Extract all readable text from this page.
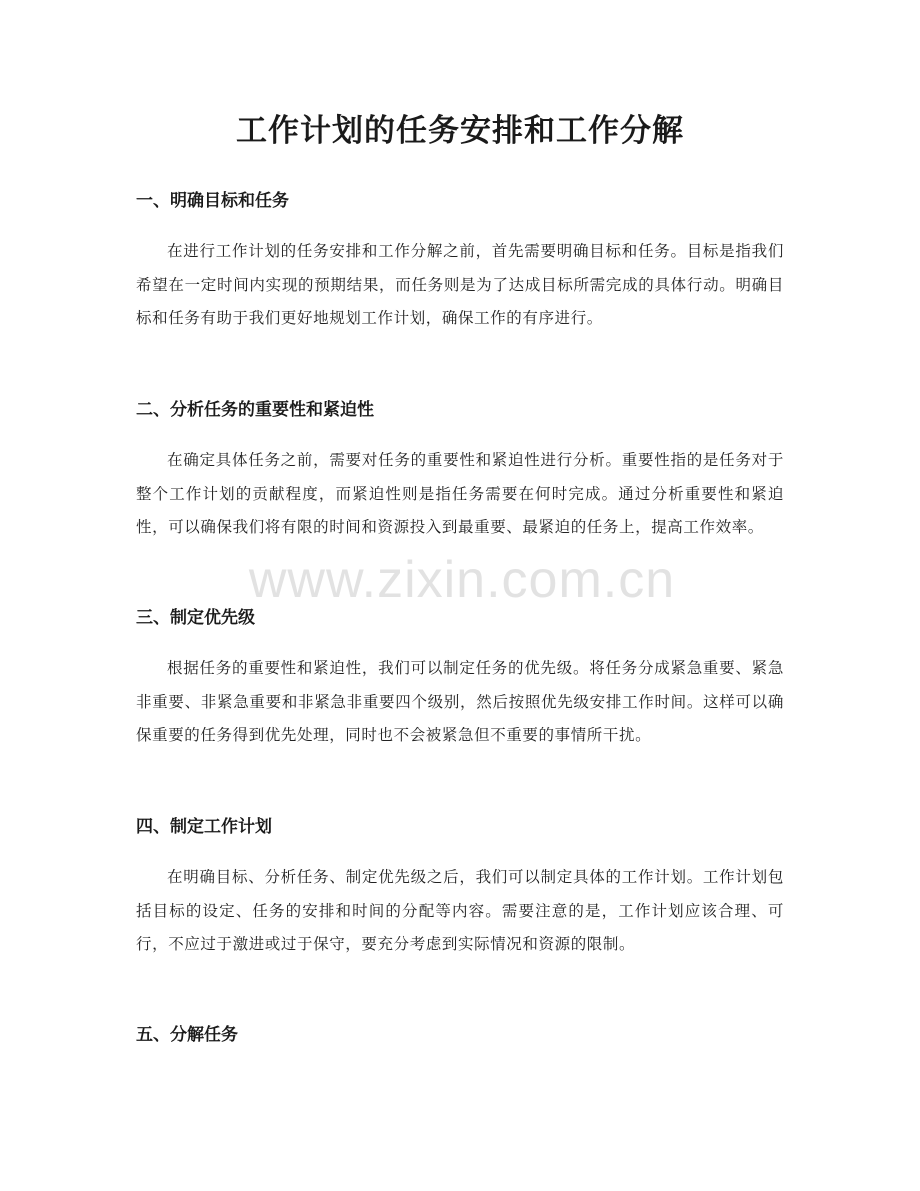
工作计划的任务安排和工作分解
一、明确目标和任务

在进行工作计划的任务安排和工作分解之前，首先需要明确目标和任务。目标是指我们希望在一定时间内实现的预期结果，而任务则是为了达成目标所需完成的具体行动。明确目标和任务有助于我们更好地规划工作计划，确保工作的有序进行。

二、分析任务的重要性和紧迫性

在确定具体任务之前，需要对任务的重要性和紧迫性进行分析。重要性指的是任务对于整个工作计划的贡献程度，而紧迫性则是指任务需要在何时完成。通过分析重要性和紧迫性，可以确保我们将有限的时间和资源投入到最重要、最紧迫的任务上，提高工作效率。

三、制定优先级

根据任务的重要性和紧迫性，我们可以制定任务的优先级。将任务分成紧急重要、紧急非重要、非紧急重要和非紧急非重要四个级别，然后按照优先级安排工作时间。这样可以确保重要的任务得到优先处理，同时也不会被紧急但不重要的事情所干扰。

四、制定工作计划

在明确目标、分析任务、制定优先级之后，我们可以制定具体的工作计划。工作计划包括目标的设定、任务的安排和时间的分配等内容。需要注意的是，工作计划应该合理、可行，不应过于激进或过于保守，要充分考虑到实际情况和资源的限制。

五、分解任务
www.zixin.com.cn
